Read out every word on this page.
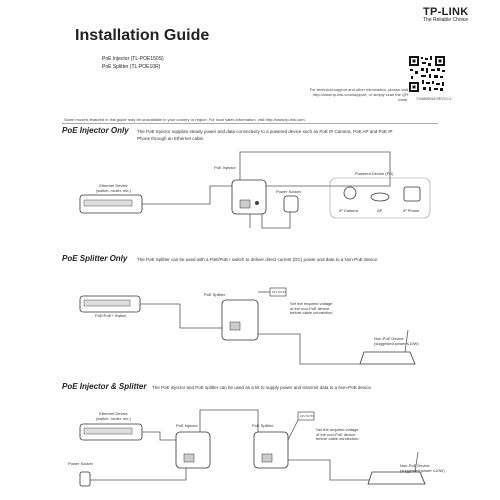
TP-LINK
The Reliable Choice
Installation Guide
PoE Injector (TL-POE150S)
PoE Splitter (TL-POE10R)
For technical support and other information, please visit
http://www.tp-link.com/support, or simply scan the QR code. 7106505918 REV3.0.2
Some models featured in this guide may be unavailable in your country or region. For local sales information, visit http://www.tp-link.com.
PoE Injector Only The PoE Injector supplies steady power and data connectivity to a powered device such as PoE IP Camera, PoE AP and PoE IP
Phone through an Ethernet cable.
Ethernet Device
(switch, router, etc.)
PoE Injector
Power Socket
Powered Device (PD)
IP Camera	AP	IP Phone
PoE Splitter Only The PoE Splitter can be used with a PoE/PoE+ switch to deliver direct current (DC) power and data to a Non-PoE device.
PoE Splitter
PoE/PoE+ Switch
12V 9V 5V
Set the required voltage
of the non-PoE device
before cable connection.
Non-PoE Device
(suggested power ≤10W)
PoE Injector & Splitter The PoE injector and PoE splitter can be used as a kit to supply power and transmit data to a Non-PoE device.
Ethernet Device
(switch, router, etc.)
PoE Injector	PoE Splitter
Power Socket
12V 9V 5V
Set the required voltage
of the non-PoE device
before cable connection.
Non-PoE Device
(suggested power ≤10W)
